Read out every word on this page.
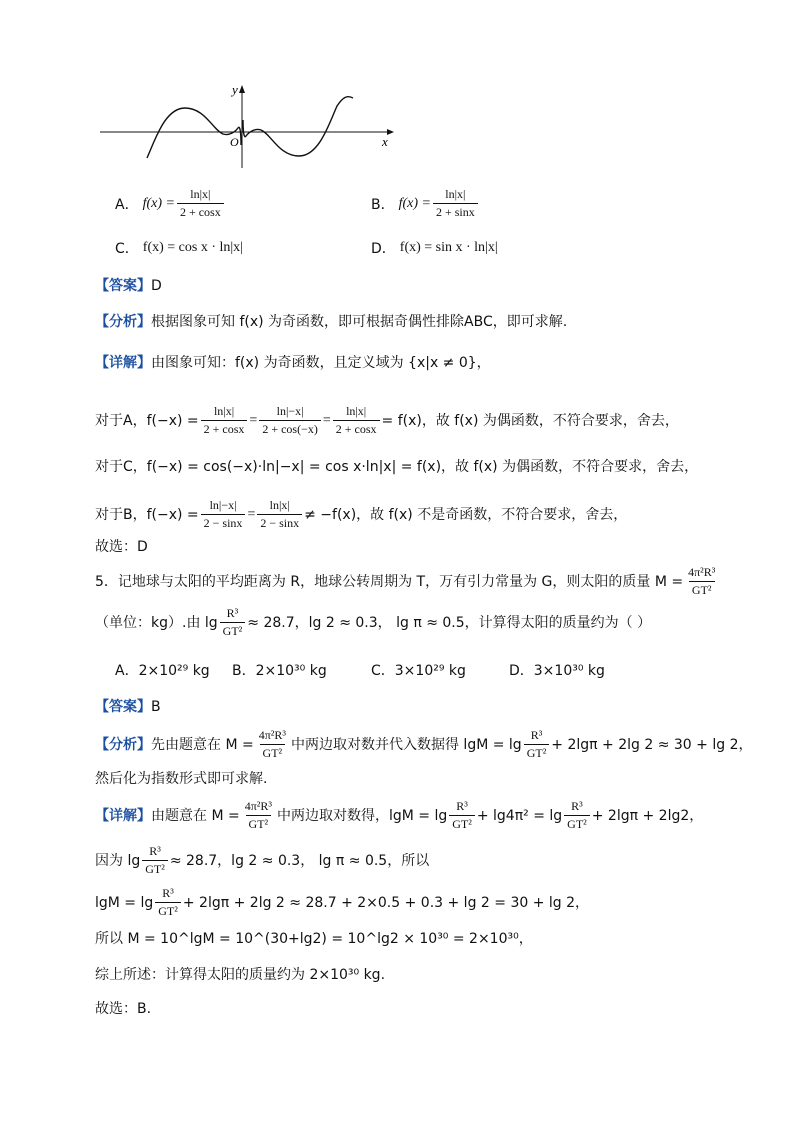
y
O	x
A． $f(x) = \frac{\ln|x|}{2 + \cos x}$	B． $f(x) = \frac{\ln|x|}{2 + \sin x}$
C． f(x) = cos x · ln|x|	D． f(x) = sin x · ln|x|
【答案】 D
【分析】 根据图象可知 f(x) 为奇函数，即可根据奇偶性排除ABC，即可求解.
【详解】 由图象可知：f(x) 为奇函数，且定义域为 {x|x ≠ 0}，
对于A，$f(-x) = \frac{\ln|x|}{2 + \cos x} = \frac{\ln|-x|}{2 + \cos(-x)} = \frac{\ln|x|}{2 + \cos x} = f(x)$，故 f(x) 为偶函数，不符合要求，舍去，
对于C，f(−x) = cos(−x)·ln|−x| = cos x·ln|x| = f(x)，故 f(x) 为偶函数，不符合要求，舍去，
对于B，$f(-x) = \frac{\ln|-x|}{2 - \sin x} = \frac{\ln|x|}{2 - \sin x} \ne -f(x)$，故 f(x) 不是奇函数，不符合要求，舍去，
故选：D
5．记地球与太阳的平均距离为 R，地球公转周期为 T，万有引力常量为 G，则太阳的质量 $M = \frac{\text{4π²R³}}{\text{GT²}}$
（单位：kg）.由 $\lg \frac{\text{R³}}{\text{GT²}} \approx 28.7$，lg 2 ≈ 0.3， lg π ≈ 0.5，计算得太阳的质量约为（ ）
A．2×10²⁹ kg B．2×10³⁰ kg	C．3×10²⁹ kg	D．3×10³⁰ kg
【答案】 B
【分析】 先由题意在 $M = \frac{\text{4π²R³}}{\text{GT²}}$ 中两边取对数并代入数据得 $\lg M = \lg \frac{\text{R³}}{\text{GT²}} + 2\lg\pi + 2\lg$ 2 ≈ 30 + lg 2，
然后化为指数形式即可求解.
【详解】 由题意在 $M = \frac{\text{4π²R³}}{\text{GT²}}$ 中两边取对数得，$\lg M = \lg \frac{\text{R³}}{\text{GT²}} + \lg 4\pi^2 = \lg \frac{\text{R³}}{\text{GT²}} + 2\lg\pi + 2\lg 2$，
因为 $\lg \frac{\text{R³}}{\text{GT²}} \approx 28.7$，lg 2 ≈ 0.3， lg π ≈ 0.5，所以
$\lg M = \lg \frac{\text{R³}}{\text{GT²}} + 2\lg\pi + 2\lg$ 2 ≈ 28.7 + 2×0.5 + 0.3 + lg 2 = 30 + lg 2，
所以 M = 10^lgM = 10^(30+lg2) = 10^lg2 × 10³⁰ = 2×10³⁰，
综上所述：计算得太阳的质量约为 2×10³⁰ kg.
故选：B.
